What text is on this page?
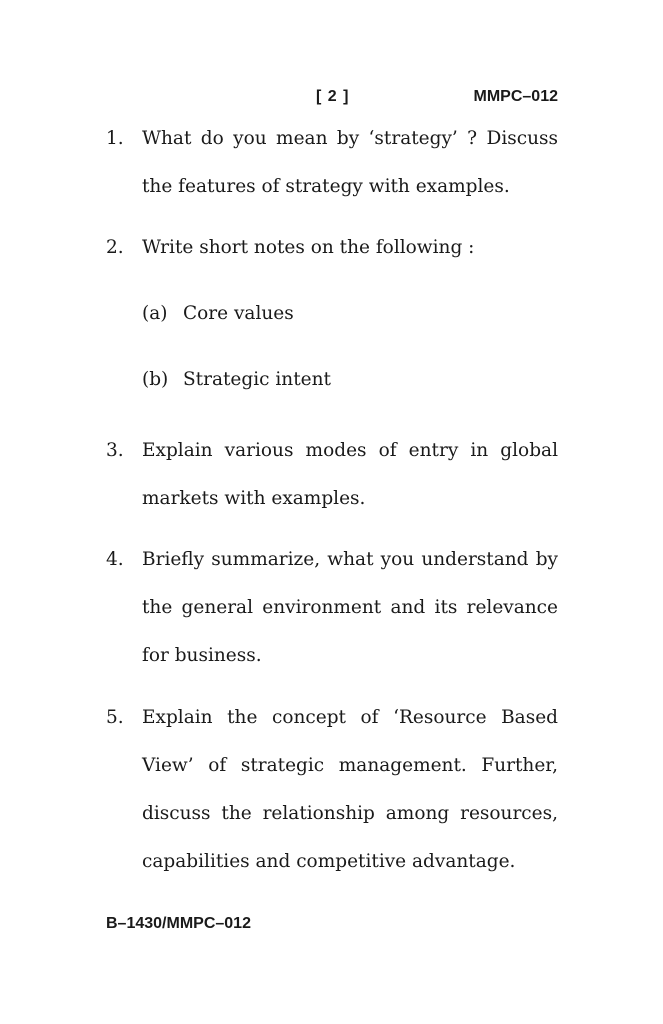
[ 2 ]	MMPC–012
1. What do you mean by ‘strategy’ ? Discuss
the features of strategy with examples.
2. Write short notes on the following :
(a) Core values
(b) Strategic intent
3. Explain various modes of entry in global
markets with examples.
4. Briefly summarize, what you understand by
the general environment and its relevance
for business.
5. Explain the concept of ‘Resource Based
View’ of strategic management. Further,
discuss the relationship among resources,
capabilities and competitive advantage.
B–1430/MMPC–012
